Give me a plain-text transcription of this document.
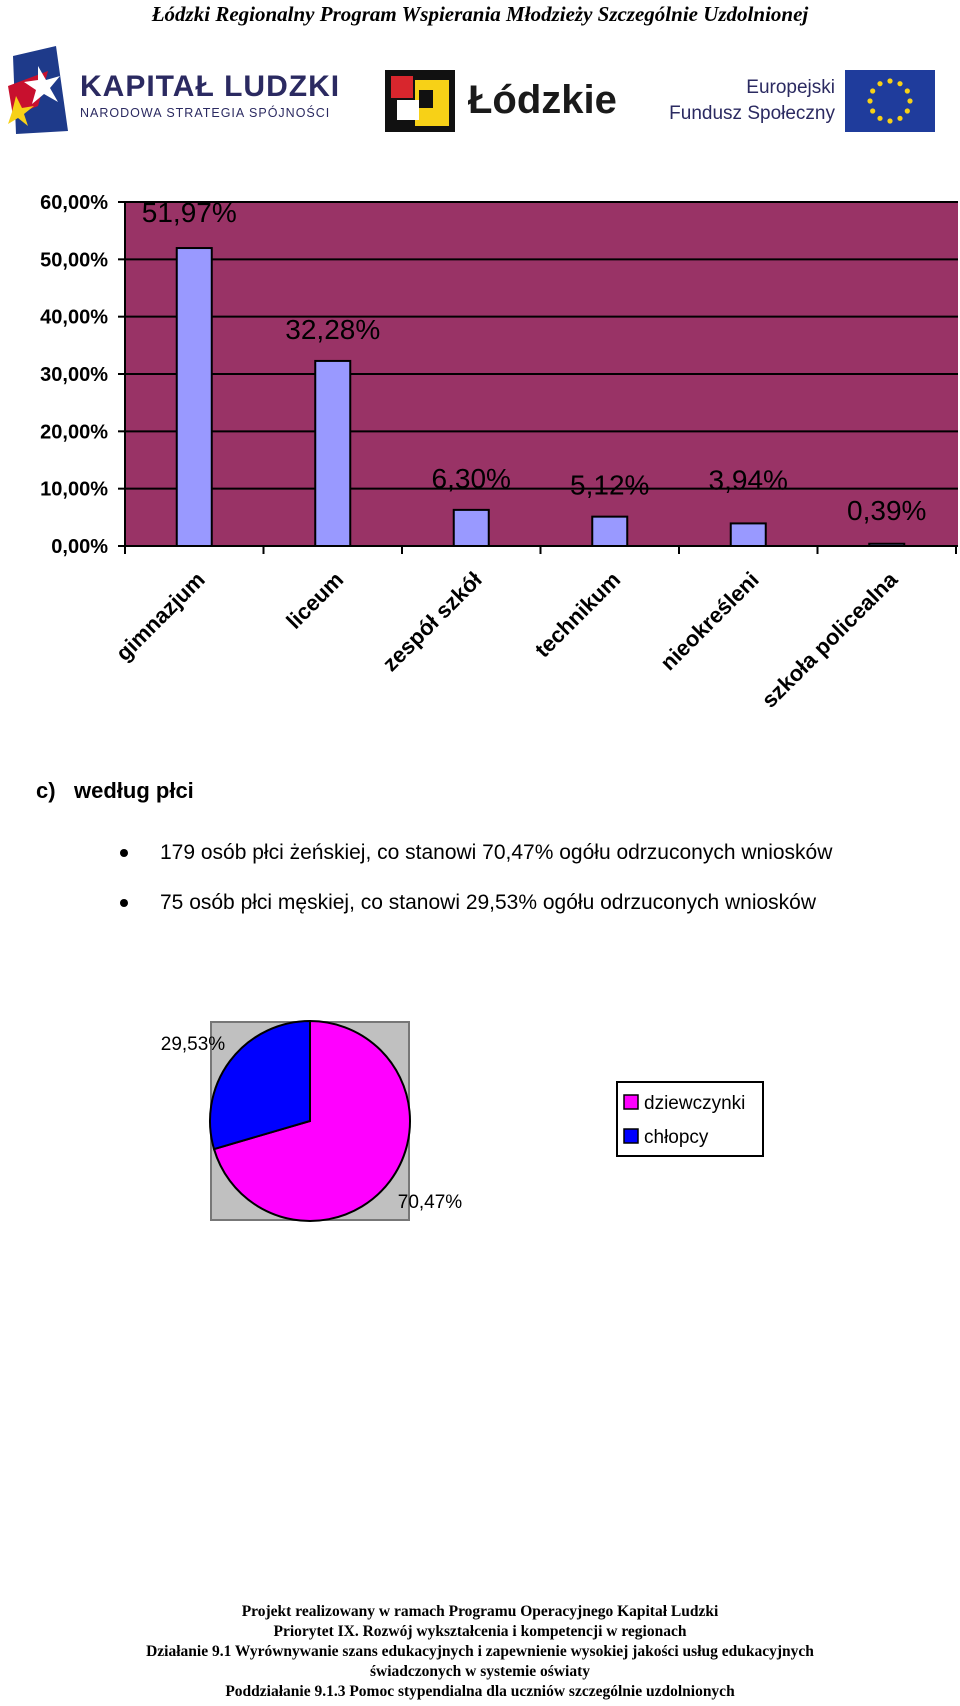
Łódzki Regionalny Program Wspierania Młodzieży Szczególnie Uzdolnionej
KAPITAŁ LUDZKI
NARODOWA STRATEGIA SPÓJNOŚCI	Łódzkie	Europejski
Fundusz Społeczny
0,00%
10,00%
20,00%
30,00%
40,00%
50,00%
60,00% 51,97%
gimnazjum
32,28%
liceum
6,30%
zespół szkół
5,12%
technikum
3,94%
nieokreśleni
0,39%
szkoła policealna
c) według płci
179 osób płci żeńskiej, co stanowi 70,47% ogółu odrzuconych wniosków
75 osób płci męskiej, co stanowi 29,53% ogółu odrzuconych wniosków
70,47%
29,53%
dziewczynki
chłopcy
Projekt realizowany w ramach Programu Operacyjnego Kapitał Ludzki
Priorytet IX. Rozwój wykształcenia i kompetencji w regionach
Działanie 9.1 Wyrównywanie szans edukacyjnych i zapewnienie wysokiej jakości usług edukacyjnych
świadczonych w systemie oświaty
Poddziałanie 9.1.3 Pomoc stypendialna dla uczniów szczególnie uzdolnionych
